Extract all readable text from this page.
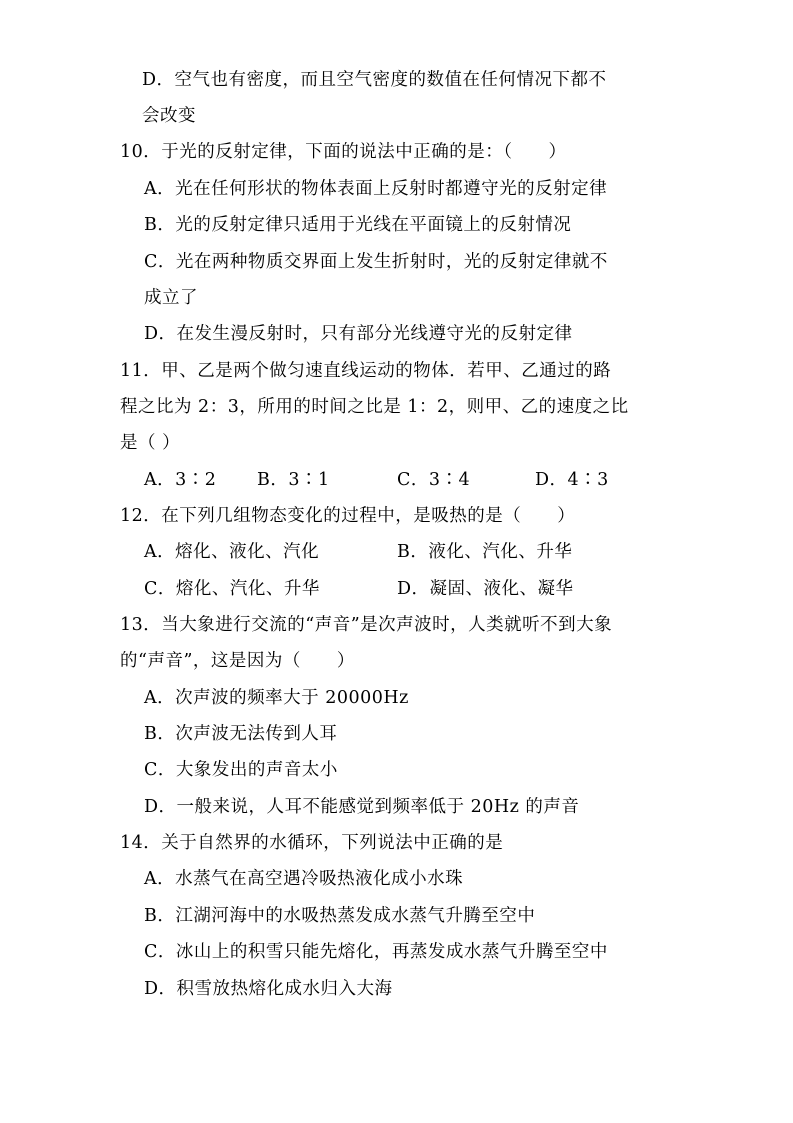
D．空气也有密度，而且空气密度的数值在任何情况下都不
会改变
10．于光的反射定律，下面的说法中正确的是：（　　）
A．光在任何形状的物体表面上反射时都遵守光的反射定律
B．光的反射定律只适用于光线在平面镜上的反射情况
C．光在两种物质交界面上发生折射时，光的反射定律就不
成立了
D．在发生漫反射时，只有部分光线遵守光的反射定律
11．甲、乙是两个做匀速直线运动的物体．若甲、乙通过的路
程之比为 2：3，所用的时间之比是 1：2，则甲、乙的速度之比
是（ ）
A．3∶2 B．3∶1	C．3∶4	D．4∶3
12．在下列几组物态变化的过程中，是吸热的是（　　）
A．熔化、液化、汽化	B．液化、汽化、升华
C．熔化、汽化、升华	D．凝固、液化、凝华
13．当大象进行交流的“声音”是次声波时，人类就听不到大象
的“声音”，这是因为（　　）
A．次声波的频率大于 20000Hz
B．次声波无法传到人耳
C．大象发出的声音太小
D．一般来说，人耳不能感觉到频率低于 20Hz 的声音
14．关于自然界的水循环，下列说法中正确的是
A．水蒸气在高空遇冷吸热液化成小水珠
B．江湖河海中的水吸热蒸发成水蒸气升腾至空中
C．冰山上的积雪只能先熔化，再蒸发成水蒸气升腾至空中
D．积雪放热熔化成水归入大海
